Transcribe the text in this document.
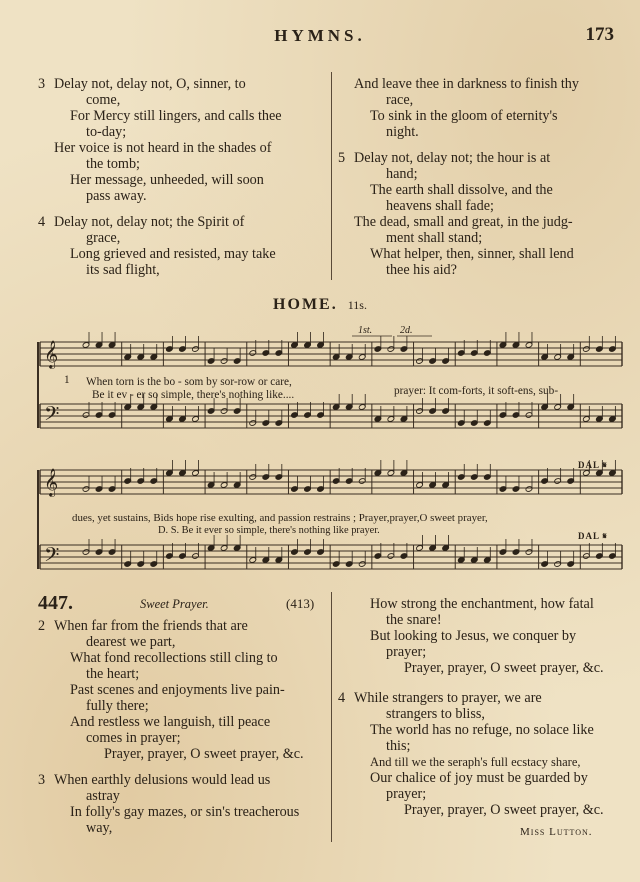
HYMNS.	173
3 Delay not, delay not, O, sinner, to
come,
For Mercy still lingers, and calls thee
to-day;
Her voice is not heard in the shades of
the tomb;
Her message, unheeded, will soon
pass away.
4 Delay not, delay not; the Spirit of
grace,
Long grieved and resisted, may take
its sad flight,
And leave thee in darkness to finish thy
race,
To sink in the gloom of eternity's
night.
5 Delay not, delay not; the hour is at
hand;
The earth shall dissolve, and the
heavens shall fade;
The dead, small and great, in the judg-
ment shall stand;
What helper, then, sinner, shall lend
thee his aid?
HOME. 11s.
𝄞
𝄢
𝄞
𝄢
1st.	2d.
1 When torn is the bo - som by sor-row or care,
Be it ev - er so simple, there's nothing like....	prayer: It com-forts, it soft-ens, sub-
dues, yet sustains, Bids hope rise exulting, and passion restrains ; Prayer,prayer,O sweet prayer,
D. S. Be it ever so simple, there's nothing like prayer.
DAL 𝄋
DAL 𝄋
447.	Sweet Prayer.	(413)
2 When far from the friends that are
dearest we part,
What fond recollections still cling to
the heart;
Past scenes and enjoyments live pain-
fully there;
And restless we languish, till peace
comes in prayer;
Prayer, prayer, O sweet prayer, &c.
3 When earthly delusions would lead us
astray
In folly's gay mazes, or sin's treacherous
way,
How strong the enchantment, how fatal
the snare!
But looking to Jesus, we conquer by
prayer;
Prayer, prayer, O sweet prayer, &c.
4 While strangers to prayer, we are
strangers to bliss,
The world has no refuge, no solace like
this;
And till we the seraph's full ecstacy share,
Our chalice of joy must be guarded by
prayer;
Prayer, prayer, O sweet prayer, &c.
Miss Lutton.
